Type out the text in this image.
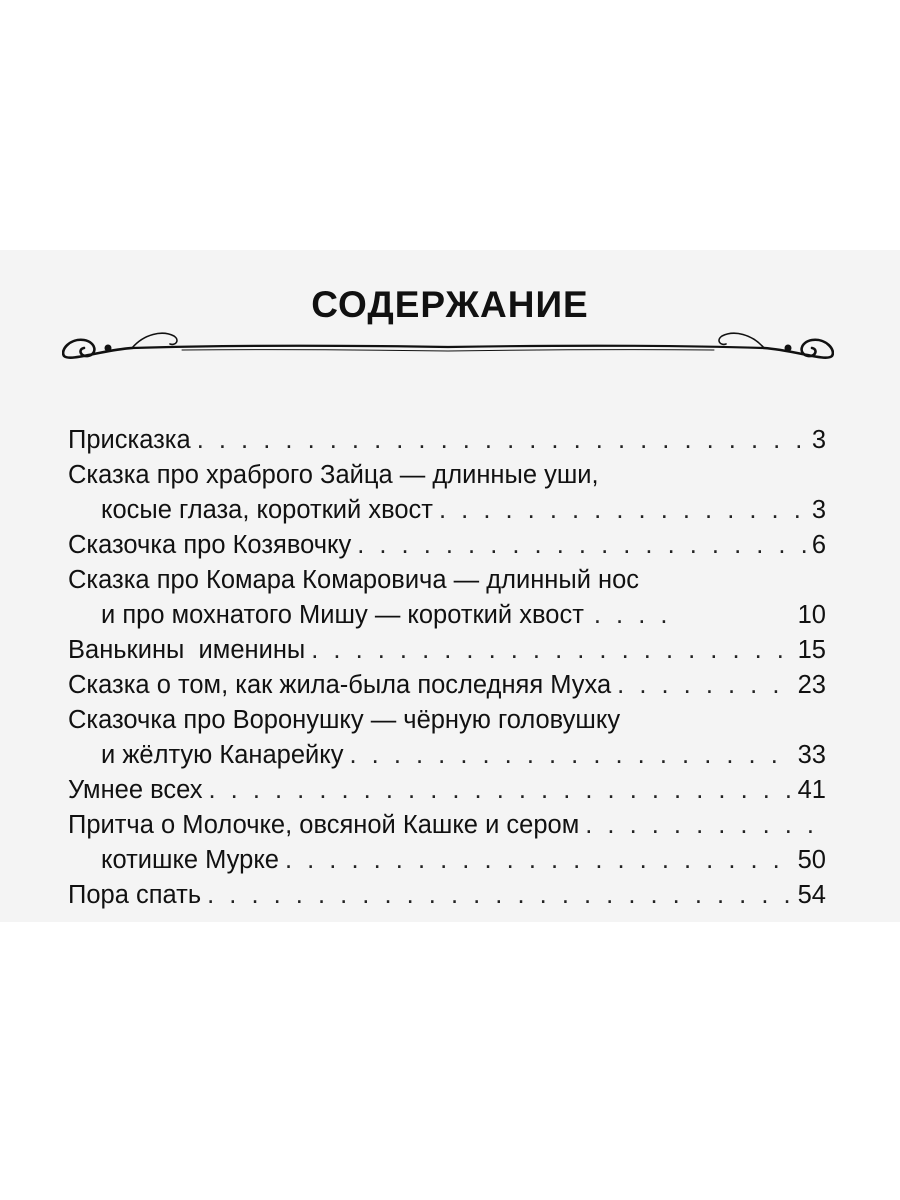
СОДЕРЖАНИЕ
Присказка . . .	3
Сказка про храброго Зайца — длинные уши,
косые глаза, короткий хвост . . .	3
Сказочка про Козявочку . . .	6
Сказка про Комара Комаровича — длинный нос
и про мохнатого Мишу — короткий хвост . . . .	10
Ванькины  именины . . .	15
Сказка о том, как жила-была последняя Муха . . .	23
Сказочка про Воронушку — чёрную головушку
и жёлтую Канарейку . . .	33
Умнее всех . . .	41
Притча о Молочке, овсяной Кашке и сером
. . .
котишке Мурке . . .	50
Пора спать . . .	54
